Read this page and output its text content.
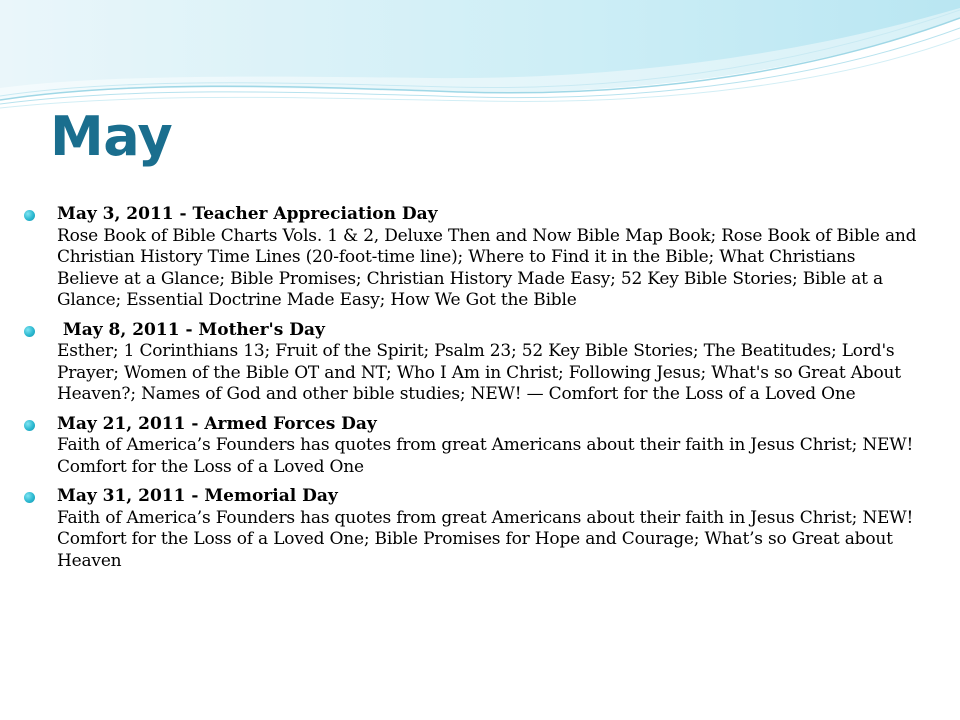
May
May 3, 2011 - Teacher Appreciation Day
Rose Book of Bible Charts Vols. 1 & 2, Deluxe Then and Now Bible Map Book; Rose Book of Bible and Christian History Time Lines (20-foot-time line); Where to Find it in the Bible; What Christians Believe at a Glance; Bible Promises; Christian History Made Easy; 52 Key Bible Stories; Bible at a Glance; Essential Doctrine Made Easy; How We Got the Bible
May 8, 2011 - Mother's Day
Esther; 1 Corinthians 13; Fruit of the Spirit; Psalm 23; 52 Key Bible Stories; The Beatitudes; Lord's Prayer; Women of the Bible OT and NT; Who I Am in Christ; Following Jesus; What's so Great About Heaven?; Names of God and other bible studies; NEW! — Comfort for the Loss of a Loved One
May 21, 2011 - Armed Forces Day
Faith of America’s Founders has quotes from great Americans about their faith in Jesus Christ; NEW! Comfort for the Loss of a Loved One
May 31, 2011 - Memorial Day
Faith of America’s Founders has quotes from great Americans about their faith in Jesus Christ; NEW! Comfort for the Loss of a Loved One; Bible Promises for Hope and Courage; What’s so Great about Heaven
